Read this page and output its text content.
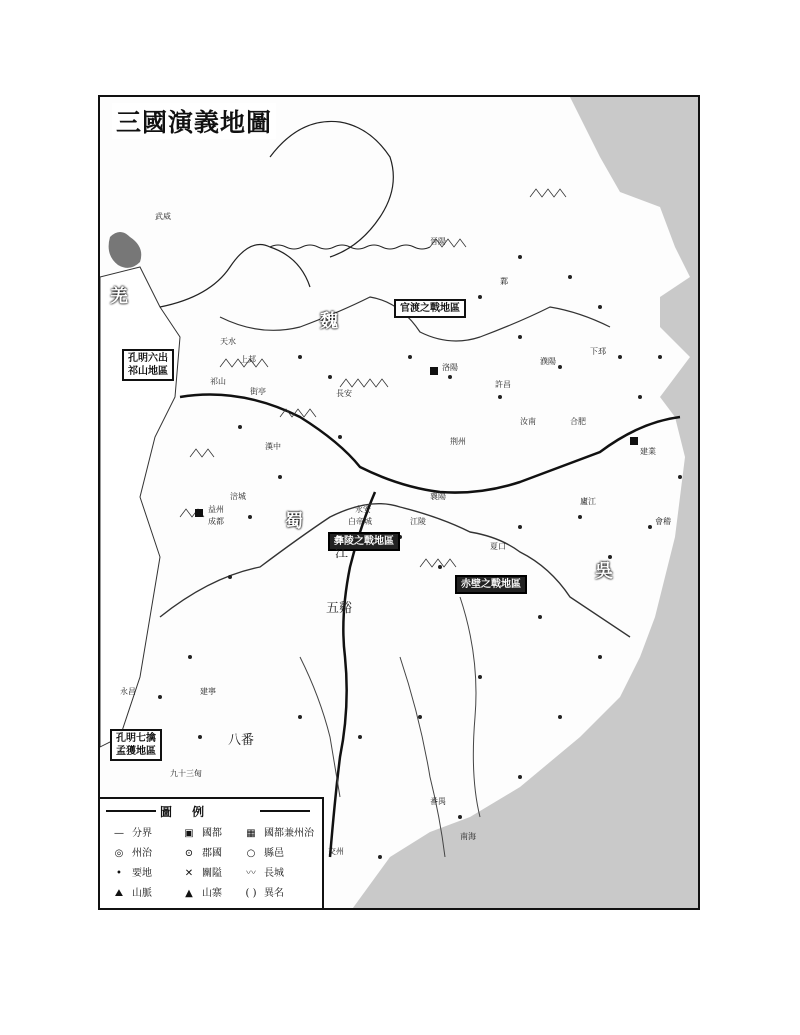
三國演義地圖
羌
魏
蜀
吳
官渡之戰地區
孔明六出
祁山地區
彝陵之戰地區
赤壁之戰地區
孔明七擒
孟獲地區
武威
長安
洛陽
許昌
漢中
成都
益州
江陵
夏口
襄陽
建業
會稽
廬江
交州
五谿
九十三甸
江
八番
荆州
天水
上邽
祁山
街亭
涪城
永安
白帝城
建寧
永昌
南海
番禺
合肥
鄴
晉陽
下邳
濮陽
汝南
圖 例
— 分界	▣ 國都	▦ 國都兼州治
◎ 州治	⊙ 郡國	○ 縣邑
• 要地	✕ 關隘	〰 長城
⛰ 山脈	▲ 山寨	( ) 異名
